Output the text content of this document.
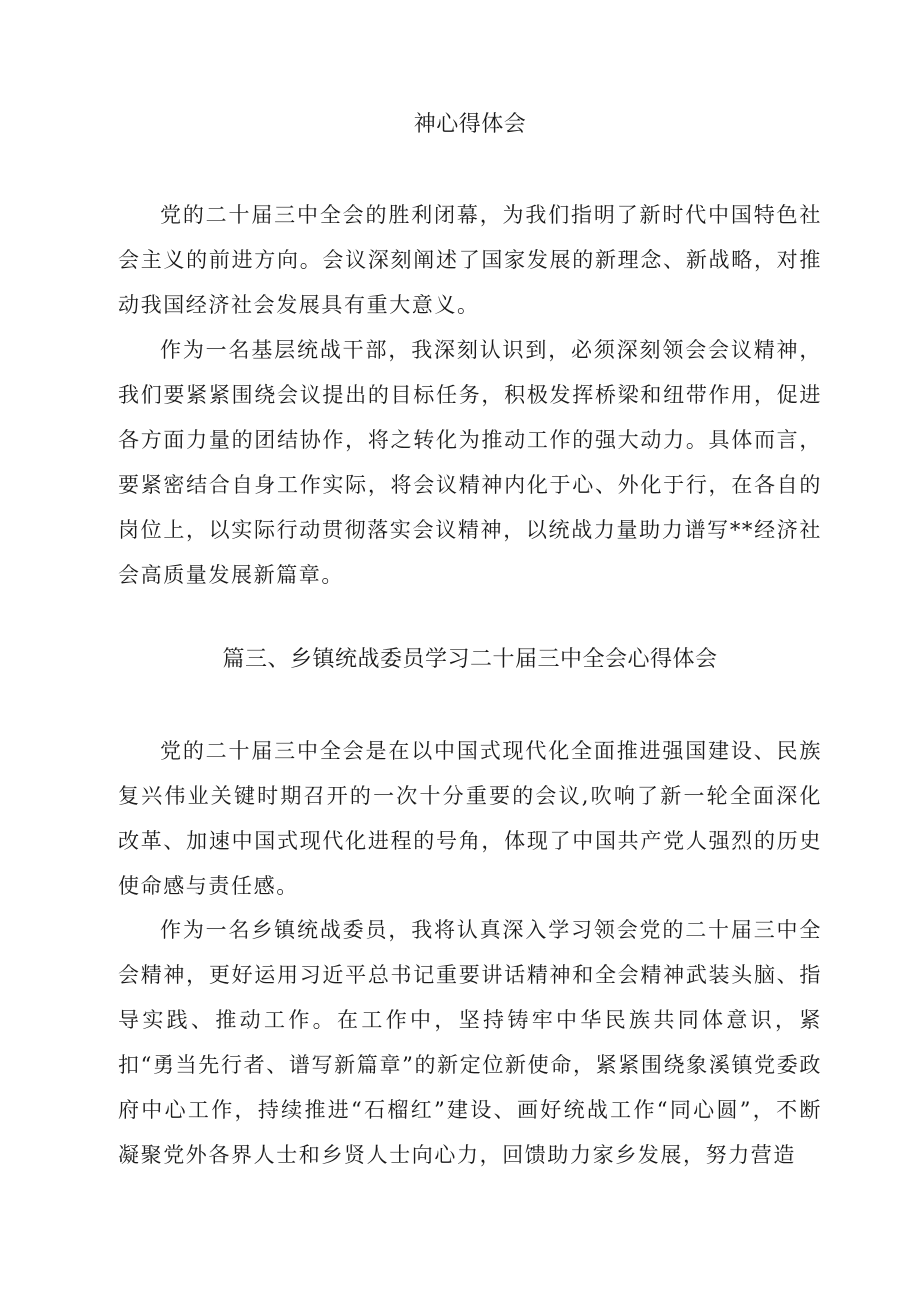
神心得体会

党的二十届三中全会的胜利闭幕，为我们指明了新时代中国特色社会主义的前进方向。会议深刻阐述了国家发展的新理念、新战略，对推动我国经济社会发展具有重大意义。

作为一名基层统战干部，我深刻认识到，必须深刻领会会议精神，我们要紧紧围绕会议提出的目标任务，积极发挥桥梁和纽带作用，促进各方面力量的团结协作，将之转化为推动工作的强大动力。具体而言，要紧密结合自身工作实际，将会议精神内化于心、外化于行，在各自的岗位上，以实际行动贯彻落实会议精神，以统战力量助力谱写**经济社会高质量发展新篇章。

篇三、乡镇统战委员学习二十届三中全会心得体会

党的二十届三中全会是在以中国式现代化全面推进强国建设、民族复兴伟业关键时期召开的一次十分重要的会议,吹响了新一轮全面深化改革、加速中国式现代化进程的号角，体现了中国共产党人强烈的历史使命感与责任感。

作为一名乡镇统战委员，我将认真深入学习领会党的二十届三中全会精神，更好运用习近平总书记重要讲话精神和全会精神武装头脑、指导实践、推动工作。在工作中，坚持铸牢中华民族共同体意识，紧扣“勇当先行者、谱写新篇章”的新定位新使命，紧紧围绕象溪镇党委政府中心工作，持续推进“石榴红”建设、画好统战工作“同心圆”，不断凝聚党外各界人士和乡贤人士向心力，回馈助力家乡发展，努力营造
